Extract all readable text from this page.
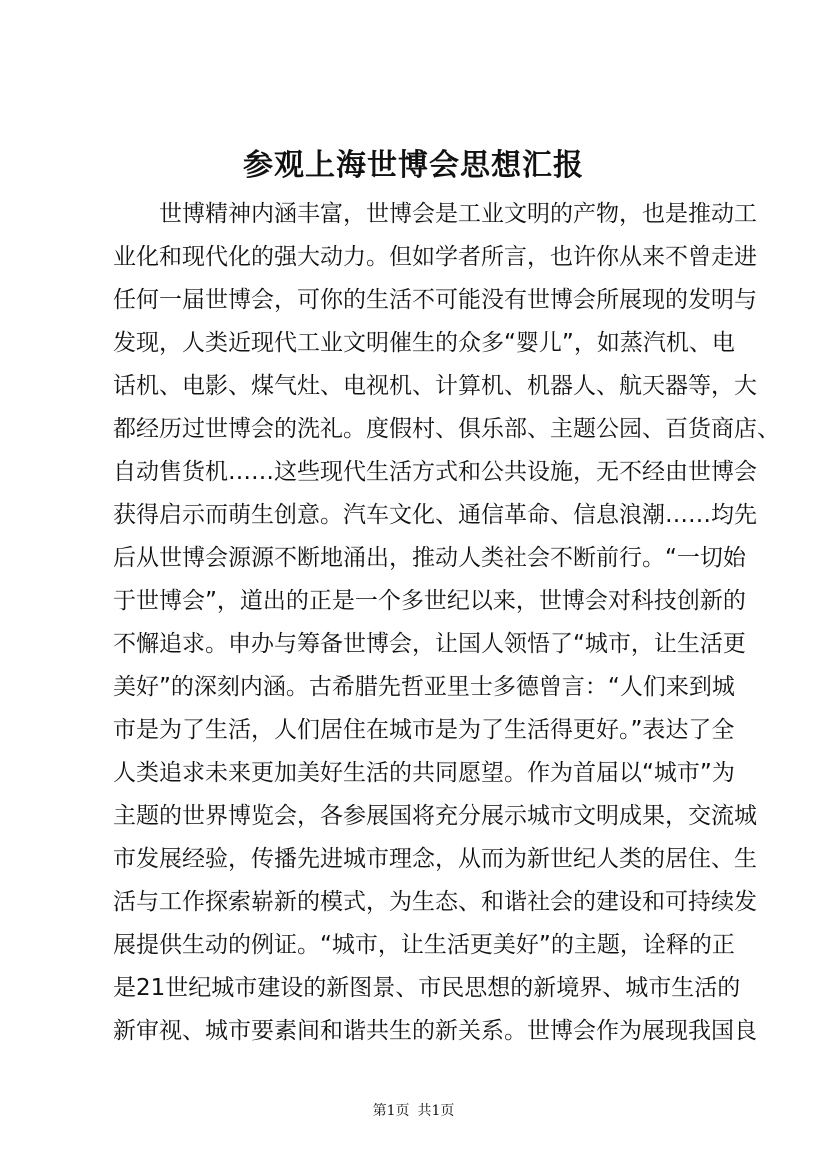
参观上海世博会思想汇报
世博精神内涵丰富，世博会是工业文明的产物，也是推动工
业化和现代化的强大动力。但如学者所言，也许你从来不曾走进
任何一届世博会，可你的生活不可能没有世博会所展现的发明与
发现，人类近现代工业文明催生的众多“婴儿”，如蒸汽机、电
话机、电影、煤气灶、电视机、计算机、机器人、航天器等，大
都经历过世博会的洗礼。度假村、俱乐部、主题公园、百货商店、
自动售货机……这些现代生活方式和公共设施，无不经由世博会
获得启示而萌生创意。汽车文化、通信革命、信息浪潮……均先
后从世博会源源不断地涌出，推动人类社会不断前行。“一切始
于世博会”，道出的正是一个多世纪以来，世博会对科技创新的
不懈追求。申办与筹备世博会，让国人领悟了“城市，让生活更
美好”的深刻内涵。古希腊先哲亚里士多德曾言：“人们来到城
市是为了生活，人们居住在城市是为了生活得更好。”表达了全
人类追求未来更加美好生活的共同愿望。作为首届以“城市”为
主题的世界博览会，各参展国将充分展示城市文明成果，交流城
市发展经验，传播先进城市理念，从而为新世纪人类的居住、生
活与工作探索崭新的模式，为生态、和谐社会的建设和可持续发
展提供生动的例证。“城市，让生活更美好”的主题，诠释的正
是21世纪城市建设的新图景、市民思想的新境界、城市生活的
新审视、城市要素间和谐共生的新关系。世博会作为展现我国良
第1页 共1页
